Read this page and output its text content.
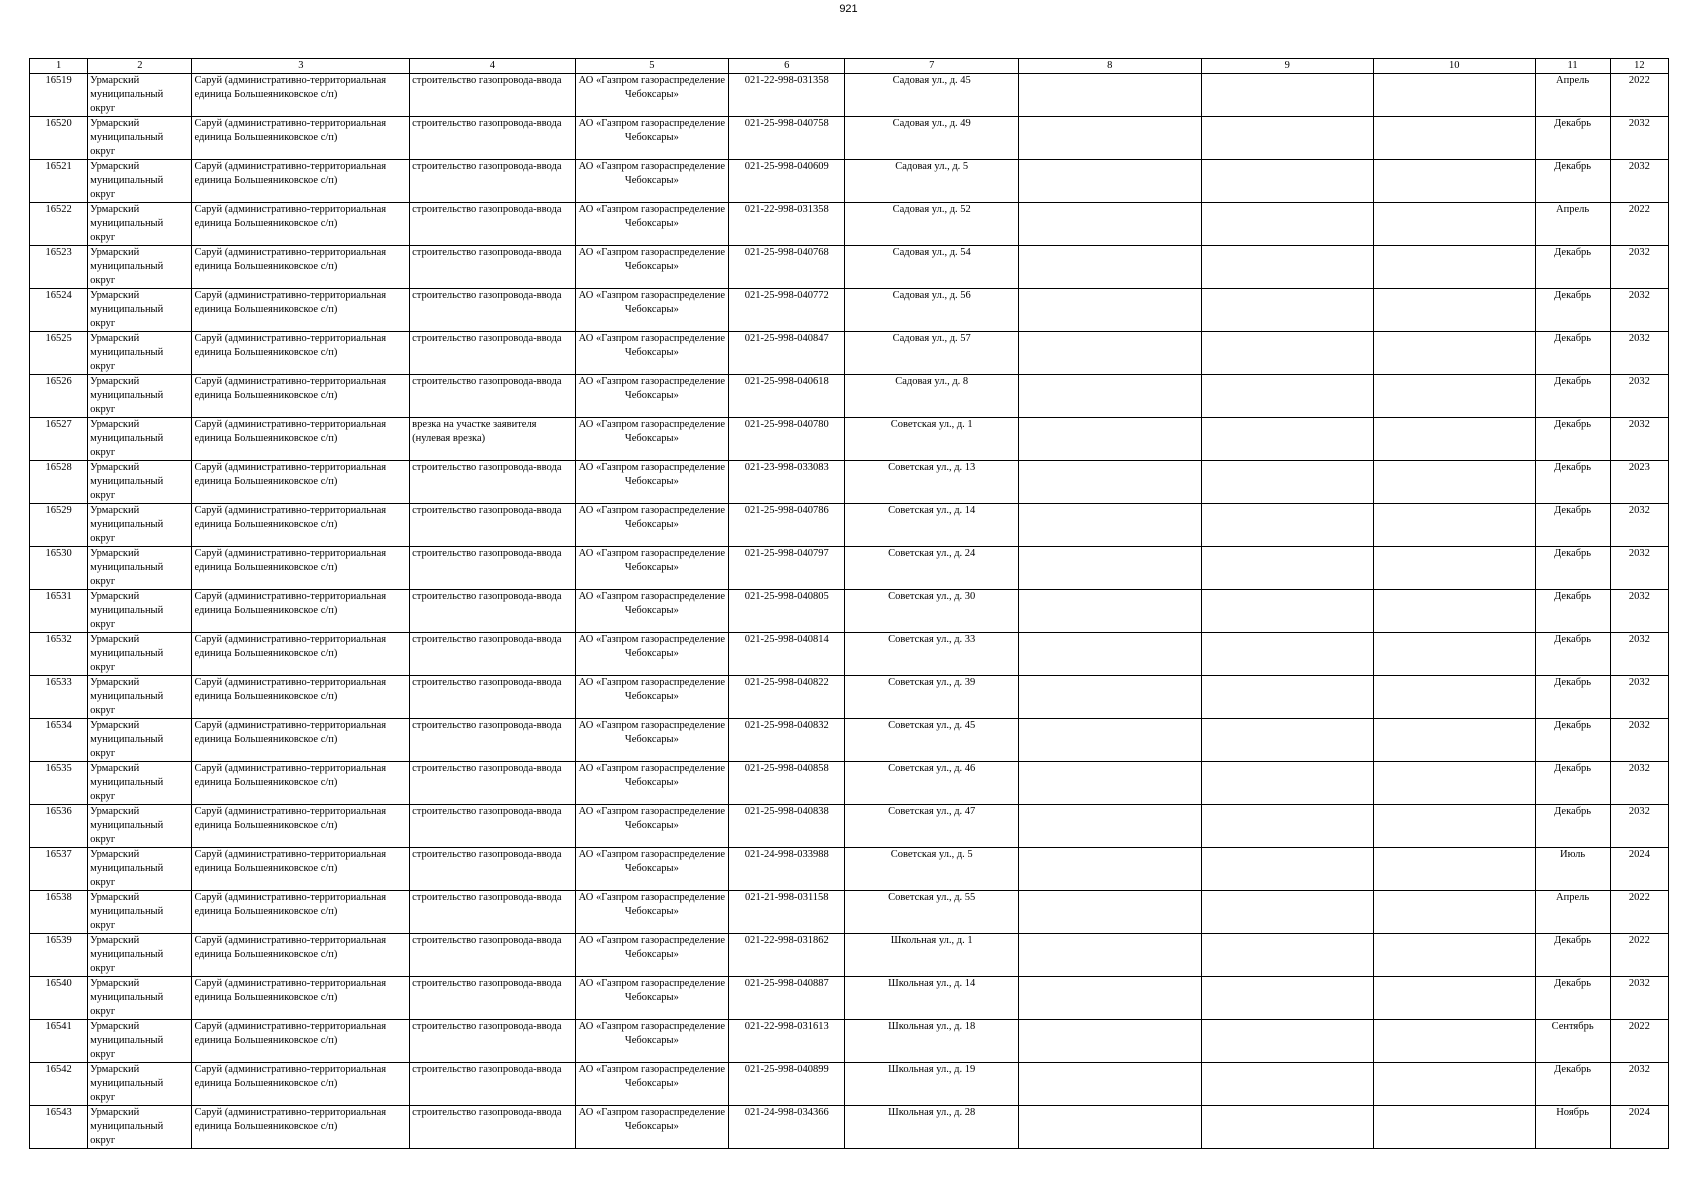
921
1	2	3	4	5	6	7	8	9	10	11	12
16519	Урмарский муниципальный округ	Саруй (административно-территориальная единица Большеяниковское с/п)	строительство газопровода-ввода	АО «Газпром газораспределение Чебоксары»	021-22-998-031358	Садовая ул., д. 45				Апрель	2022
16520	Урмарский муниципальный округ	Саруй (административно-территориальная единица Большеяниковское с/п)	строительство газопровода-ввода	АО «Газпром газораспределение Чебоксары»	021-25-998-040758	Садовая ул., д. 49				Декабрь	2032
16521	Урмарский муниципальный округ	Саруй (административно-территориальная единица Большеяниковское с/п)	строительство газопровода-ввода	АО «Газпром газораспределение Чебоксары»	021-25-998-040609	Садовая ул., д. 5				Декабрь	2032
16522	Урмарский муниципальный округ	Саруй (административно-территориальная единица Большеяниковское с/п)	строительство газопровода-ввода	АО «Газпром газораспределение Чебоксары»	021-22-998-031358	Садовая ул., д. 52				Апрель	2022
16523	Урмарский муниципальный округ	Саруй (административно-территориальная единица Большеяниковское с/п)	строительство газопровода-ввода	АО «Газпром газораспределение Чебоксары»	021-25-998-040768	Садовая ул., д. 54				Декабрь	2032
16524	Урмарский муниципальный округ	Саруй (административно-территориальная единица Большеяниковское с/п)	строительство газопровода-ввода	АО «Газпром газораспределение Чебоксары»	021-25-998-040772	Садовая ул., д. 56				Декабрь	2032
16525	Урмарский муниципальный округ	Саруй (административно-территориальная единица Большеяниковское с/п)	строительство газопровода-ввода	АО «Газпром газораспределение Чебоксары»	021-25-998-040847	Садовая ул., д. 57				Декабрь	2032
16526	Урмарский муниципальный округ	Саруй (административно-территориальная единица Большеяниковское с/п)	строительство газопровода-ввода	АО «Газпром газораспределение Чебоксары»	021-25-998-040618	Садовая ул., д. 8				Декабрь	2032
16527	Урмарский муниципальный округ	Саруй (административно-территориальная единица Большеяниковское с/п)	врезка на участке заявителя (нулевая врезка)	АО «Газпром газораспределение Чебоксары»	021-25-998-040780	Советская ул., д. 1				Декабрь	2032
16528	Урмарский муниципальный округ	Саруй (административно-территориальная единица Большеяниковское с/п)	строительство газопровода-ввода	АО «Газпром газораспределение Чебоксары»	021-23-998-033083	Советская ул., д. 13				Декабрь	2023
16529	Урмарский муниципальный округ	Саруй (административно-территориальная единица Большеяниковское с/п)	строительство газопровода-ввода	АО «Газпром газораспределение Чебоксары»	021-25-998-040786	Советская ул., д. 14				Декабрь	2032
16530	Урмарский муниципальный округ	Саруй (административно-территориальная единица Большеяниковское с/п)	строительство газопровода-ввода	АО «Газпром газораспределение Чебоксары»	021-25-998-040797	Советская ул., д. 24				Декабрь	2032
16531	Урмарский муниципальный округ	Саруй (административно-территориальная единица Большеяниковское с/п)	строительство газопровода-ввода	АО «Газпром газораспределение Чебоксары»	021-25-998-040805	Советская ул., д. 30				Декабрь	2032
16532	Урмарский муниципальный округ	Саруй (административно-территориальная единица Большеяниковское с/п)	строительство газопровода-ввода	АО «Газпром газораспределение Чебоксары»	021-25-998-040814	Советская ул., д. 33				Декабрь	2032
16533	Урмарский муниципальный округ	Саруй (административно-территориальная единица Большеяниковское с/п)	строительство газопровода-ввода	АО «Газпром газораспределение Чебоксары»	021-25-998-040822	Советская ул., д. 39				Декабрь	2032
16534	Урмарский муниципальный округ	Саруй (административно-территориальная единица Большеяниковское с/п)	строительство газопровода-ввода	АО «Газпром газораспределение Чебоксары»	021-25-998-040832	Советская ул., д. 45				Декабрь	2032
16535	Урмарский муниципальный округ	Саруй (административно-территориальная единица Большеяниковское с/п)	строительство газопровода-ввода	АО «Газпром газораспределение Чебоксары»	021-25-998-040858	Советская ул., д. 46				Декабрь	2032
16536	Урмарский муниципальный округ	Саруй (административно-территориальная единица Большеяниковское с/п)	строительство газопровода-ввода	АО «Газпром газораспределение Чебоксары»	021-25-998-040838	Советская ул., д. 47				Декабрь	2032
16537	Урмарский муниципальный округ	Саруй (административно-территориальная единица Большеяниковское с/п)	строительство газопровода-ввода	АО «Газпром газораспределение Чебоксары»	021-24-998-033988	Советская ул., д. 5				Июль	2024
16538	Урмарский муниципальный округ	Саруй (административно-территориальная единица Большеяниковское с/п)	строительство газопровода-ввода	АО «Газпром газораспределение Чебоксары»	021-21-998-031158	Советская ул., д. 55				Апрель	2022
16539	Урмарский муниципальный округ	Саруй (административно-территориальная единица Большеяниковское с/п)	строительство газопровода-ввода	АО «Газпром газораспределение Чебоксары»	021-22-998-031862	Школьная ул., д. 1				Декабрь	2022
16540	Урмарский муниципальный округ	Саруй (административно-территориальная единица Большеяниковское с/п)	строительство газопровода-ввода	АО «Газпром газораспределение Чебоксары»	021-25-998-040887	Школьная ул., д. 14				Декабрь	2032
16541	Урмарский муниципальный округ	Саруй (административно-территориальная единица Большеяниковское с/п)	строительство газопровода-ввода	АО «Газпром газораспределение Чебоксары»	021-22-998-031613	Школьная ул., д. 18				Сентябрь	2022
16542	Урмарский муниципальный округ	Саруй (административно-территориальная единица Большеяниковское с/п)	строительство газопровода-ввода	АО «Газпром газораспределение Чебоксары»	021-25-998-040899	Школьная ул., д. 19				Декабрь	2032
16543	Урмарский муниципальный округ	Саруй (административно-территориальная единица Большеяниковское с/п)	строительство газопровода-ввода	АО «Газпром газораспределение Чебоксары»	021-24-998-034366	Школьная ул., д. 28				Ноябрь	2024
